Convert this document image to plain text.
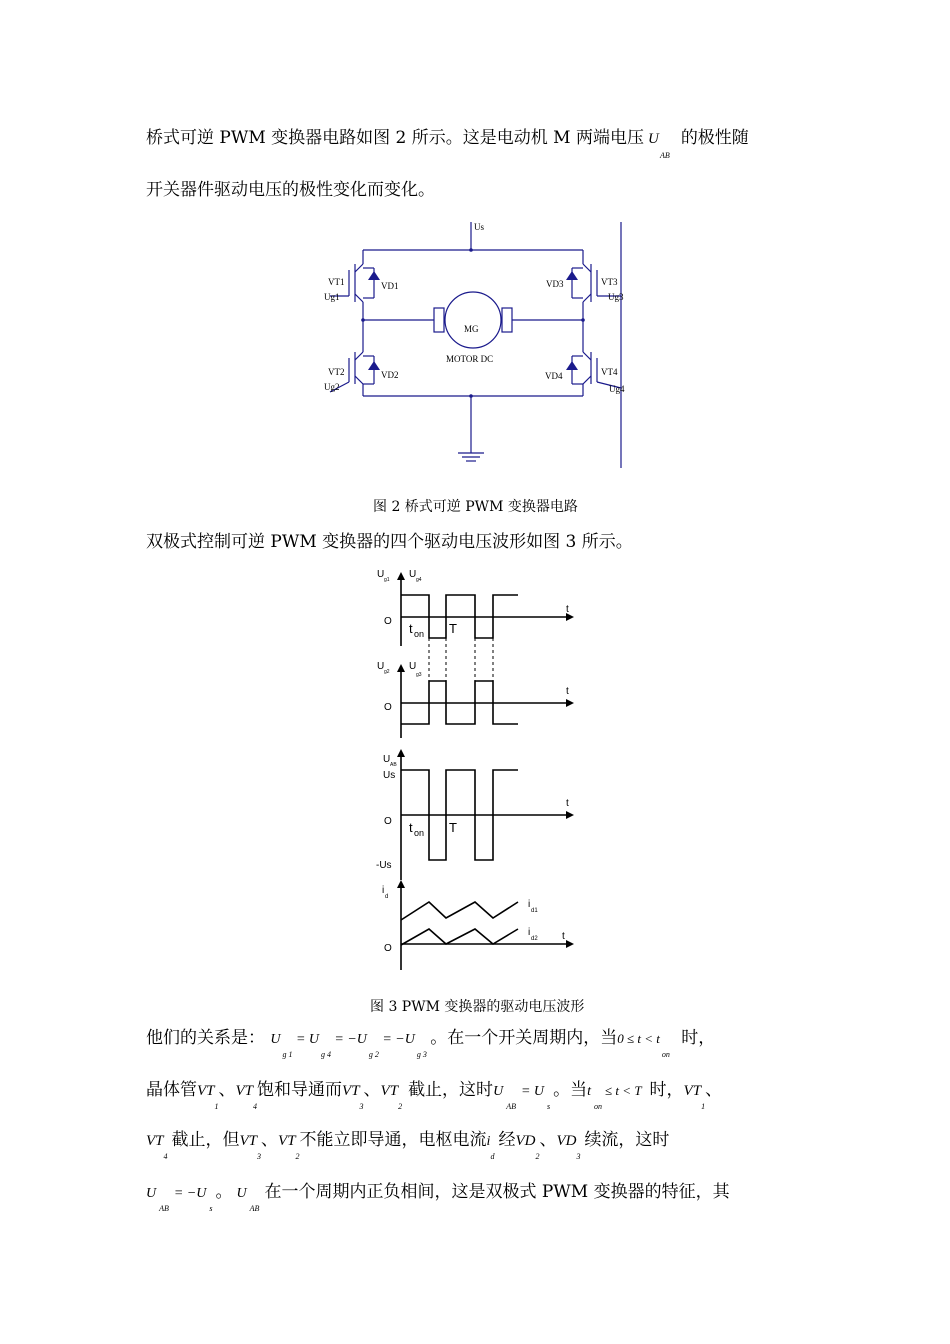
桥式可逆 PWM 变换器电路如图 2 所示。这是电动机 M 两端电压 U
AB
的极性随
开关器件驱动电压的极性变化而变化。
Us
VT1	VD1
Ug1
VT2	VD2
Ug2
VD3	VT3
Ug3
VD4	VT4
Ug4
MG
MOTOR DC
图 2 桥式可逆 PWM 变换器电路
双极式控制可逆 PWM 变换器的四个驱动电压波形如图 3 所示。
U g1 U g4
O
t
t on T
U g2 U
g3
O
t
U AB
Us
O
t
t on T
-Us
i
d
O
t
i
d1
i
d2
图 3 PWM 变换器的驱动电压波形
他们的关系是： $U_{g 1} = U_{g 4} = -U_{g 2} = -U_{g 3}$ 。在一个开关周期内，当$0 \le t < t_{on}$ 时，
晶体管$VT_1$、$VT_4$饱和导通而$VT_3$、$VT_2$截止，这时$U_{AB}= U_s$。当$t_{on}\le t < T$ 时，$VT_1$、
$VT_4$截止，但$VT_3$、$VT_2$不能立即导通，电枢电流$i_d$经$VD_2$、$VD_3$续流，这时
$U_{AB}= -U_s$。 $U_{AB}$在一个周期内正负相间，这是双极式 PWM 变换器的特征，其
